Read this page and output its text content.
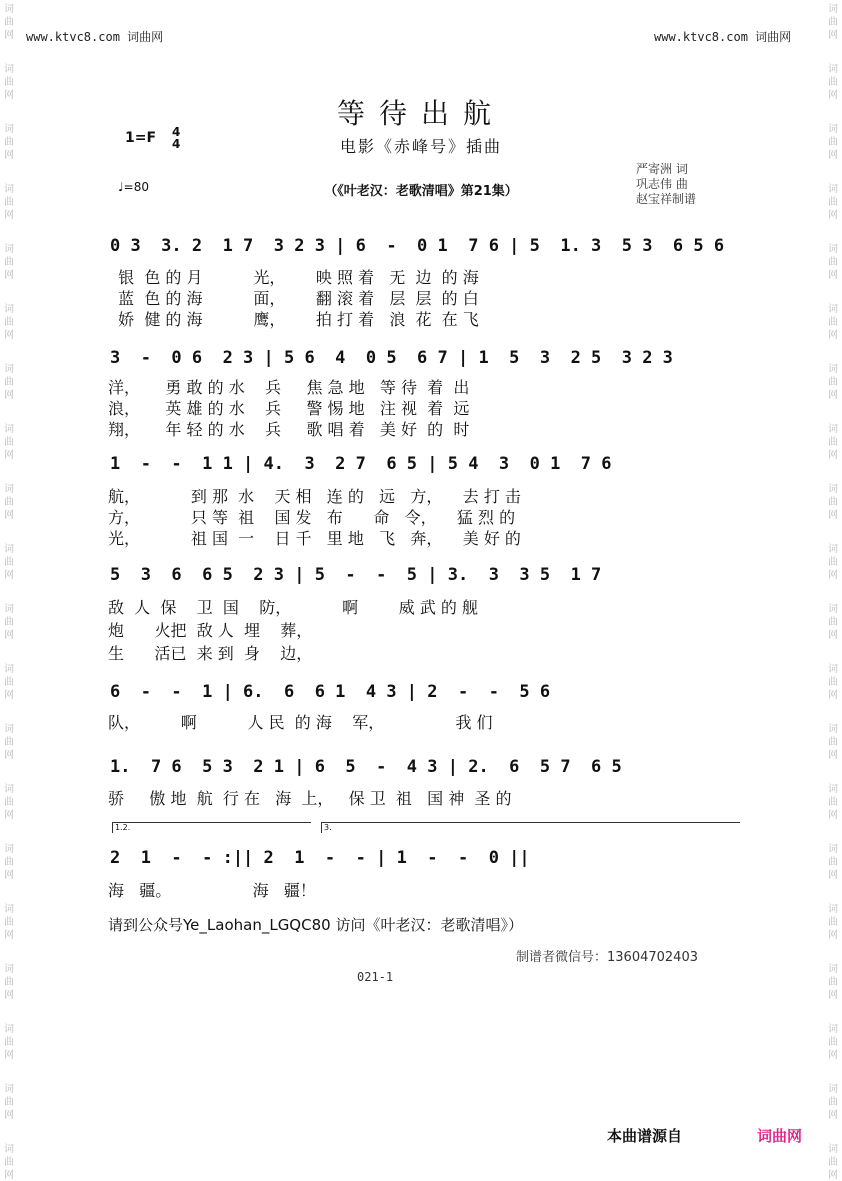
词
曲
网
词
曲
网
词
曲
网
词
曲
网
词
曲
网
词
曲
网
词
曲
网
词
曲
网
词
曲
网
词
曲
网
词
曲
网
词
曲
网
词
曲
网
词
曲
网
词
曲
网
词
曲
网
词
曲
网
词
曲
网
词
曲
网
词
曲
网
词
曲
网
词
曲
网
词
曲
网
词
曲
网
词
曲
网
词
曲
网
词
曲
网
词
曲
网
词
曲
网
词
曲
网
词
曲
网
词
曲
网
词
曲
网
词
曲
网
词
曲
网
词
曲
网
词
曲
网
词
曲
网
词
曲
网
词
曲
网
www.ktvc8.com 词曲网	www.ktvc8.com 词曲网
等待出航
电影《赤峰号》插曲
（《叶老汉：老歌清唱》第21集）
1=F 4
4
♩=80
严寄洲 词
巩志伟 曲
赵宝祥制谱
0 3  3. 2  1 7  3 2 3 | 6  -  0 1  7 6 | 5  1. 3  5 3  6 5 6
银  色 的 月          光，      映 照 着   无  边  的 海
蓝  色 的 海          面，      翻 滚 着   层  层  的 白
娇  健 的 海          鹰，      拍 打 着   浪  花  在 飞
3  -  0 6  2 3 | 5 6  4  0 5  6 7 | 1  5  3  2 5  3 2 3
洋，     勇 敢 的 水    兵     焦 急 地   等 待  着  出
浪，     英 雄 的 水    兵     警 惕 地   注 视  着  远
翔，     年 轻 的 水    兵     歌 唱 着   美 好  的  时
1  -  -  1 1 | 4.  3  2 7  6 5 | 5 4  3  0 1  7 6
航，          到 那  水    天 相   连 的   远   方，    去 打 击
方，          只 等  祖    国 发   布      命   令，    猛 烈 的
光，          祖 国  一    日 千   里 地   飞   奔，    美 好 的
5  3  6  6 5  2 3 | 5  -  -  5 | 3.  3  3 5  1 7
敌  人  保    卫  国    防，          啊        威 武 的 舰
炮      火把  敌 人  埋    葬，
生      活已  来 到  身    边，
6  -  -  1 | 6.  6  6 1  4 3 | 2  -  -  5 6
队，        啊          人 民  的 海    军，              我 们
1.  7 6  5 3  2 1 | 6  5  -  4 3 | 2.  6  5 7  6 5
骄     傲 地  航  行 在   海  上，   保 卫  祖   国 神  圣 的
1.2.	3.
2  1  -  - :|| 2  1  -  - | 1  -  -  0 ||
海   疆。                海   疆！
请到公众号Ye_Laohan_LGQC80 访问《叶老汉：老歌清唱》）
制谱者微信号：13604702403
021-1
本曲谱源自	词曲网
